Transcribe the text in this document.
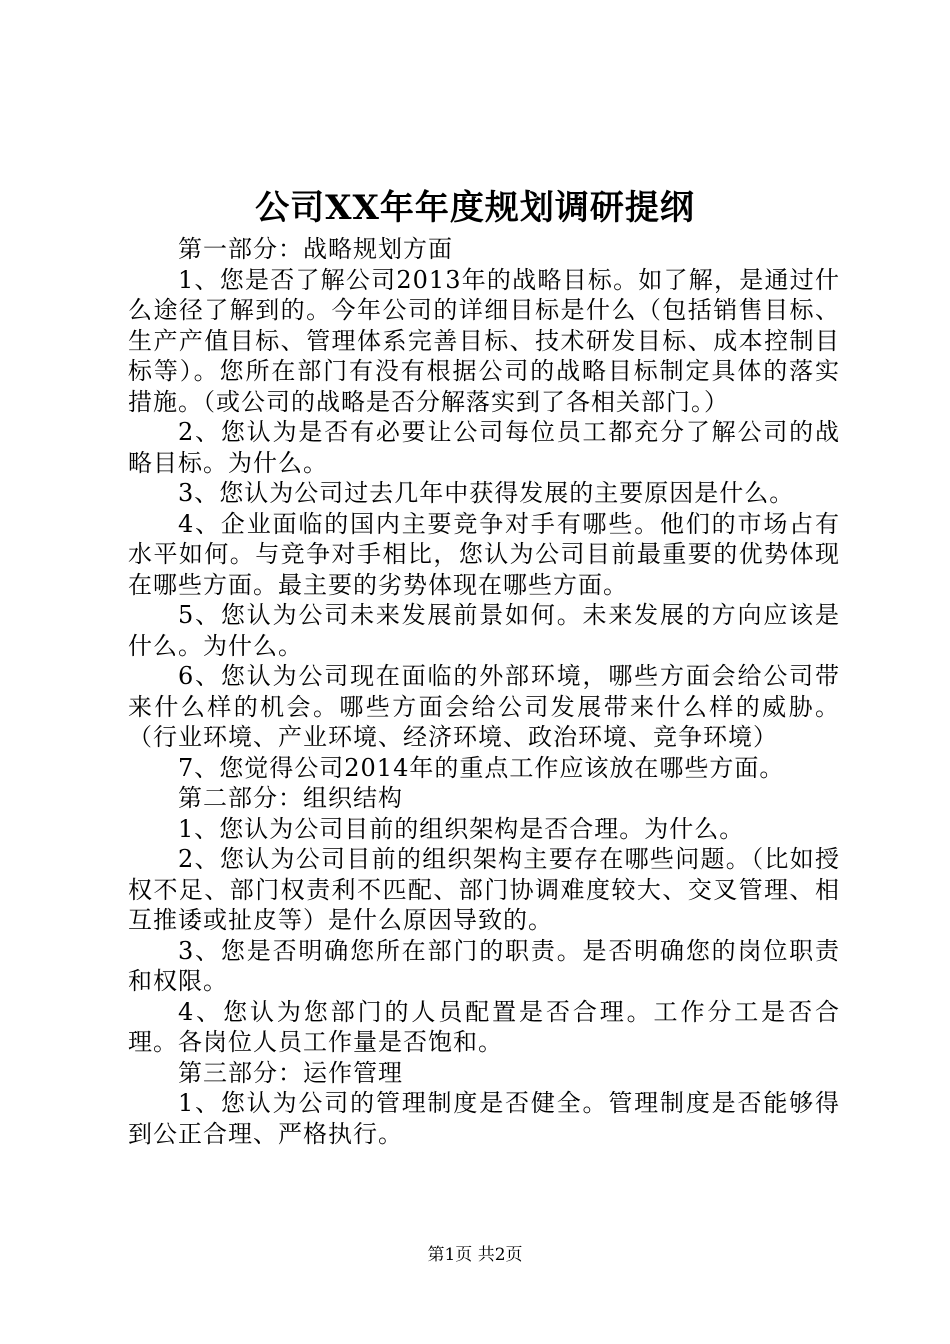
公司XX年年度规划调研提纲

第一部分：战略规划方面

1、您是否了解公司2013年的战略目标。如了解，是通过什么途径了解到的。今年公司的详细目标是什么（包括销售目标、生产产值目标、管理体系完善目标、技术研发目标、成本控制目标等）。您所在部门有没有根据公司的战略目标制定具体的落实措施。（或公司的战略是否分解落实到了各相关部门。）

2、您认为是否有必要让公司每位员工都充分了解公司的战略目标。为什么。

3、您认为公司过去几年中获得发展的主要原因是什么。

4、企业面临的国内主要竞争对手有哪些。他们的市场占有水平如何。与竞争对手相比，您认为公司目前最重要的优势体现在哪些方面。最主要的劣势体现在哪些方面。

5、您认为公司未来发展前景如何。未来发展的方向应该是什么。为什么。

6、您认为公司现在面临的外部环境，哪些方面会给公司带来什么样的机会。哪些方面会给公司发展带来什么样的威胁。（行业环境、产业环境、经济环境、政治环境、竞争环境）

7、您觉得公司2014年的重点工作应该放在哪些方面。

第二部分：组织结构

1、您认为公司目前的组织架构是否合理。为什么。

2、您认为公司目前的组织架构主要存在哪些问题。（比如授权不足、部门权责利不匹配、部门协调难度较大、交叉管理、相互推诿或扯皮等）是什么原因导致的。

3、您是否明确您所在部门的职责。是否明确您的岗位职责和权限。

4、您认为您部门的人员配置是否合理。工作分工是否合理。各岗位人员工作量是否饱和。

第三部分：运作管理

1、您认为公司的管理制度是否健全。管理制度是否能够得到公正合理、严格执行。

第1页 共2页
